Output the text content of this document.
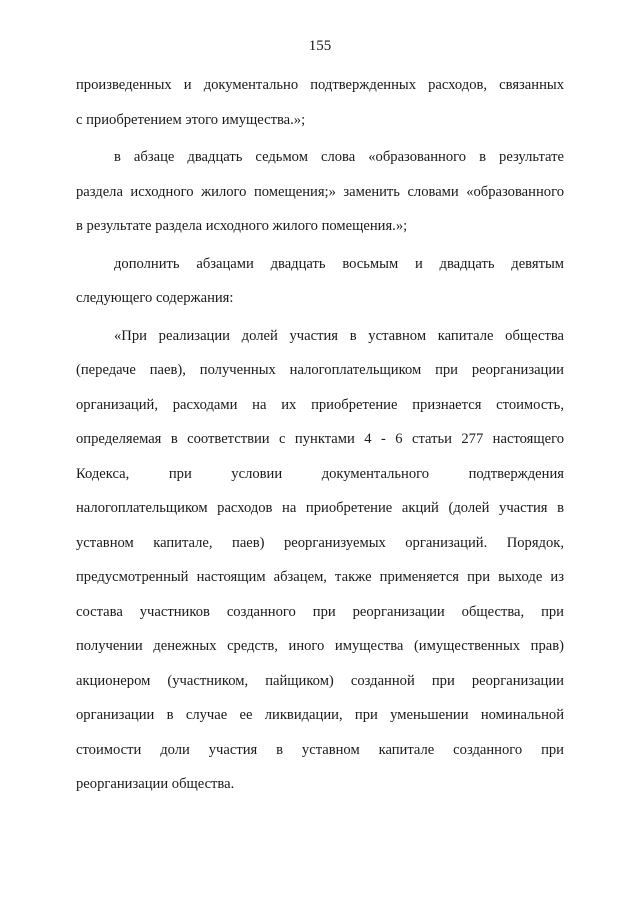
155
произведенных и документально подтвержденных расходов, связанных
с приобретением этого имущества.»;
в абзаце двадцать седьмом слова «образованного в результате
раздела исходного жилого помещения;» заменить словами «образованного
в результате раздела исходного жилого помещения.»;
дополнить абзацами двадцать восьмым и двадцать девятым
следующего содержания:
«При реализации долей участия в уставном капитале общества
(передаче паев), полученных налогоплательщиком при реорганизации
организаций, расходами на их приобретение признается стоимость,
определяемая в соответствии с пунктами 4 - 6 статьи 277 настоящего
Кодекса, при условии документального подтверждения
налогоплательщиком расходов на приобретение акций (долей участия в
уставном капитале, паев) реорганизуемых организаций. Порядок,
предусмотренный настоящим абзацем, также применяется при выходе из
состава участников созданного при реорганизации общества, при
получении денежных средств, иного имущества (имущественных прав)
акционером (участником, пайщиком) созданной при реорганизации
организации в случае ее ликвидации, при уменьшении номинальной
стоимости доли участия в уставном капитале созданного при
реорганизации общества.
